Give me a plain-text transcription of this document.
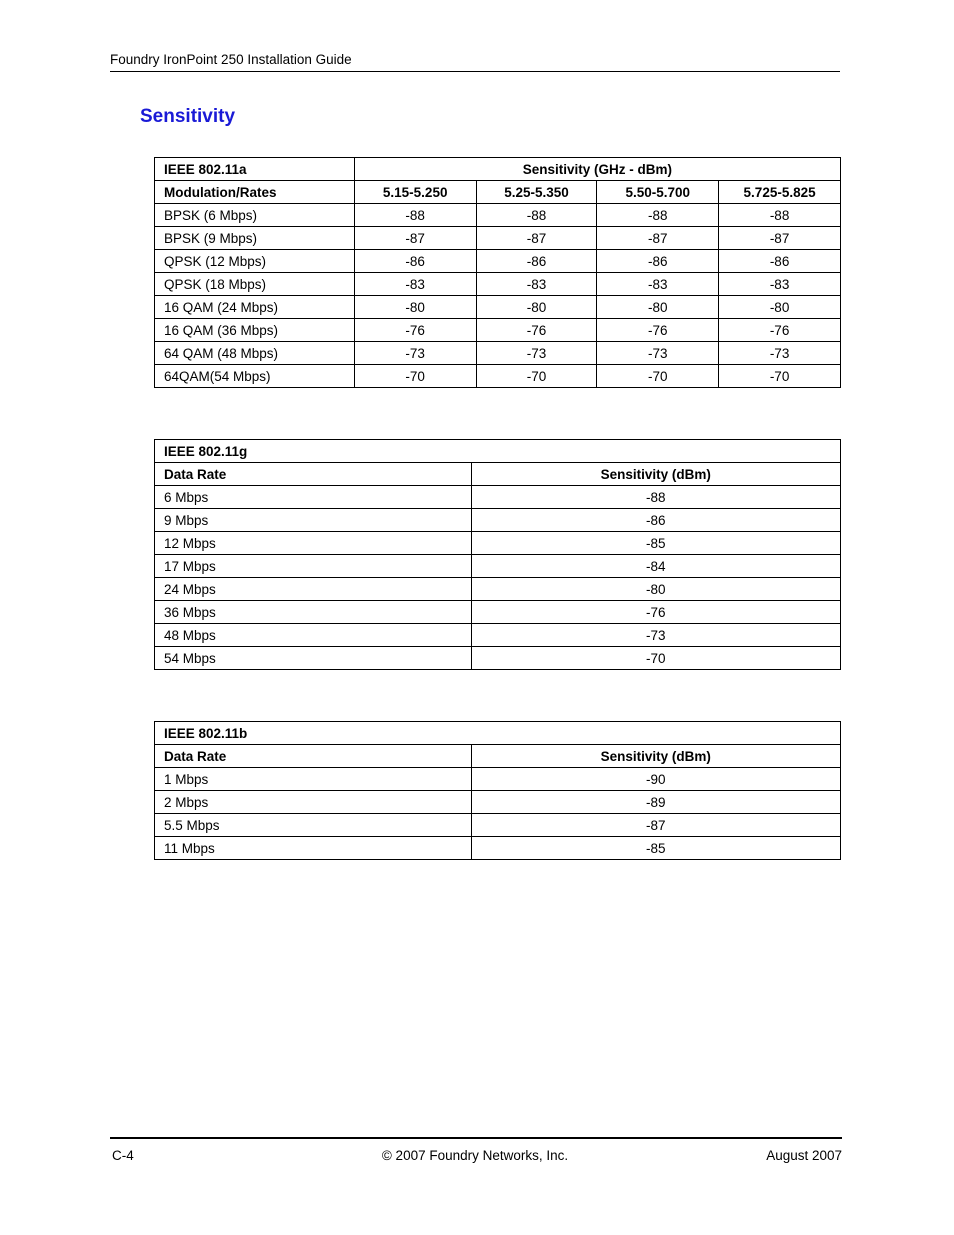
Foundry IronPoint 250 Installation Guide
Sensitivity
IEEE 802.11a	Sensitivity (GHz - dBm)			
Modulation/Rates	5.15-5.250	5.25-5.350	5.50-5.700	5.725-5.825
BPSK (6 Mbps)	-88	-88	-88	-88
BPSK (9 Mbps)	-87	-87	-87	-87
QPSK (12 Mbps)	-86	-86	-86	-86
QPSK (18 Mbps)	-83	-83	-83	-83
16 QAM (24 Mbps)	-80	-80	-80	-80
16 QAM (36 Mbps)	-76	-76	-76	-76
64 QAM (48 Mbps)	-73	-73	-73	-73
64QAM(54 Mbps)	-70	-70	-70	-70
IEEE 802.11g	
Data Rate	Sensitivity (dBm)
6 Mbps	-88
9 Mbps	-86
12 Mbps	-85
17 Mbps	-84
24 Mbps	-80
36 Mbps	-76
48 Mbps	-73
54 Mbps	-70
IEEE 802.11b	
Data Rate	Sensitivity (dBm)
1 Mbps	-90
2 Mbps	-89
5.5 Mbps	-87
11 Mbps	-85
C-4	© 2007 Foundry Networks, Inc.	August 2007
